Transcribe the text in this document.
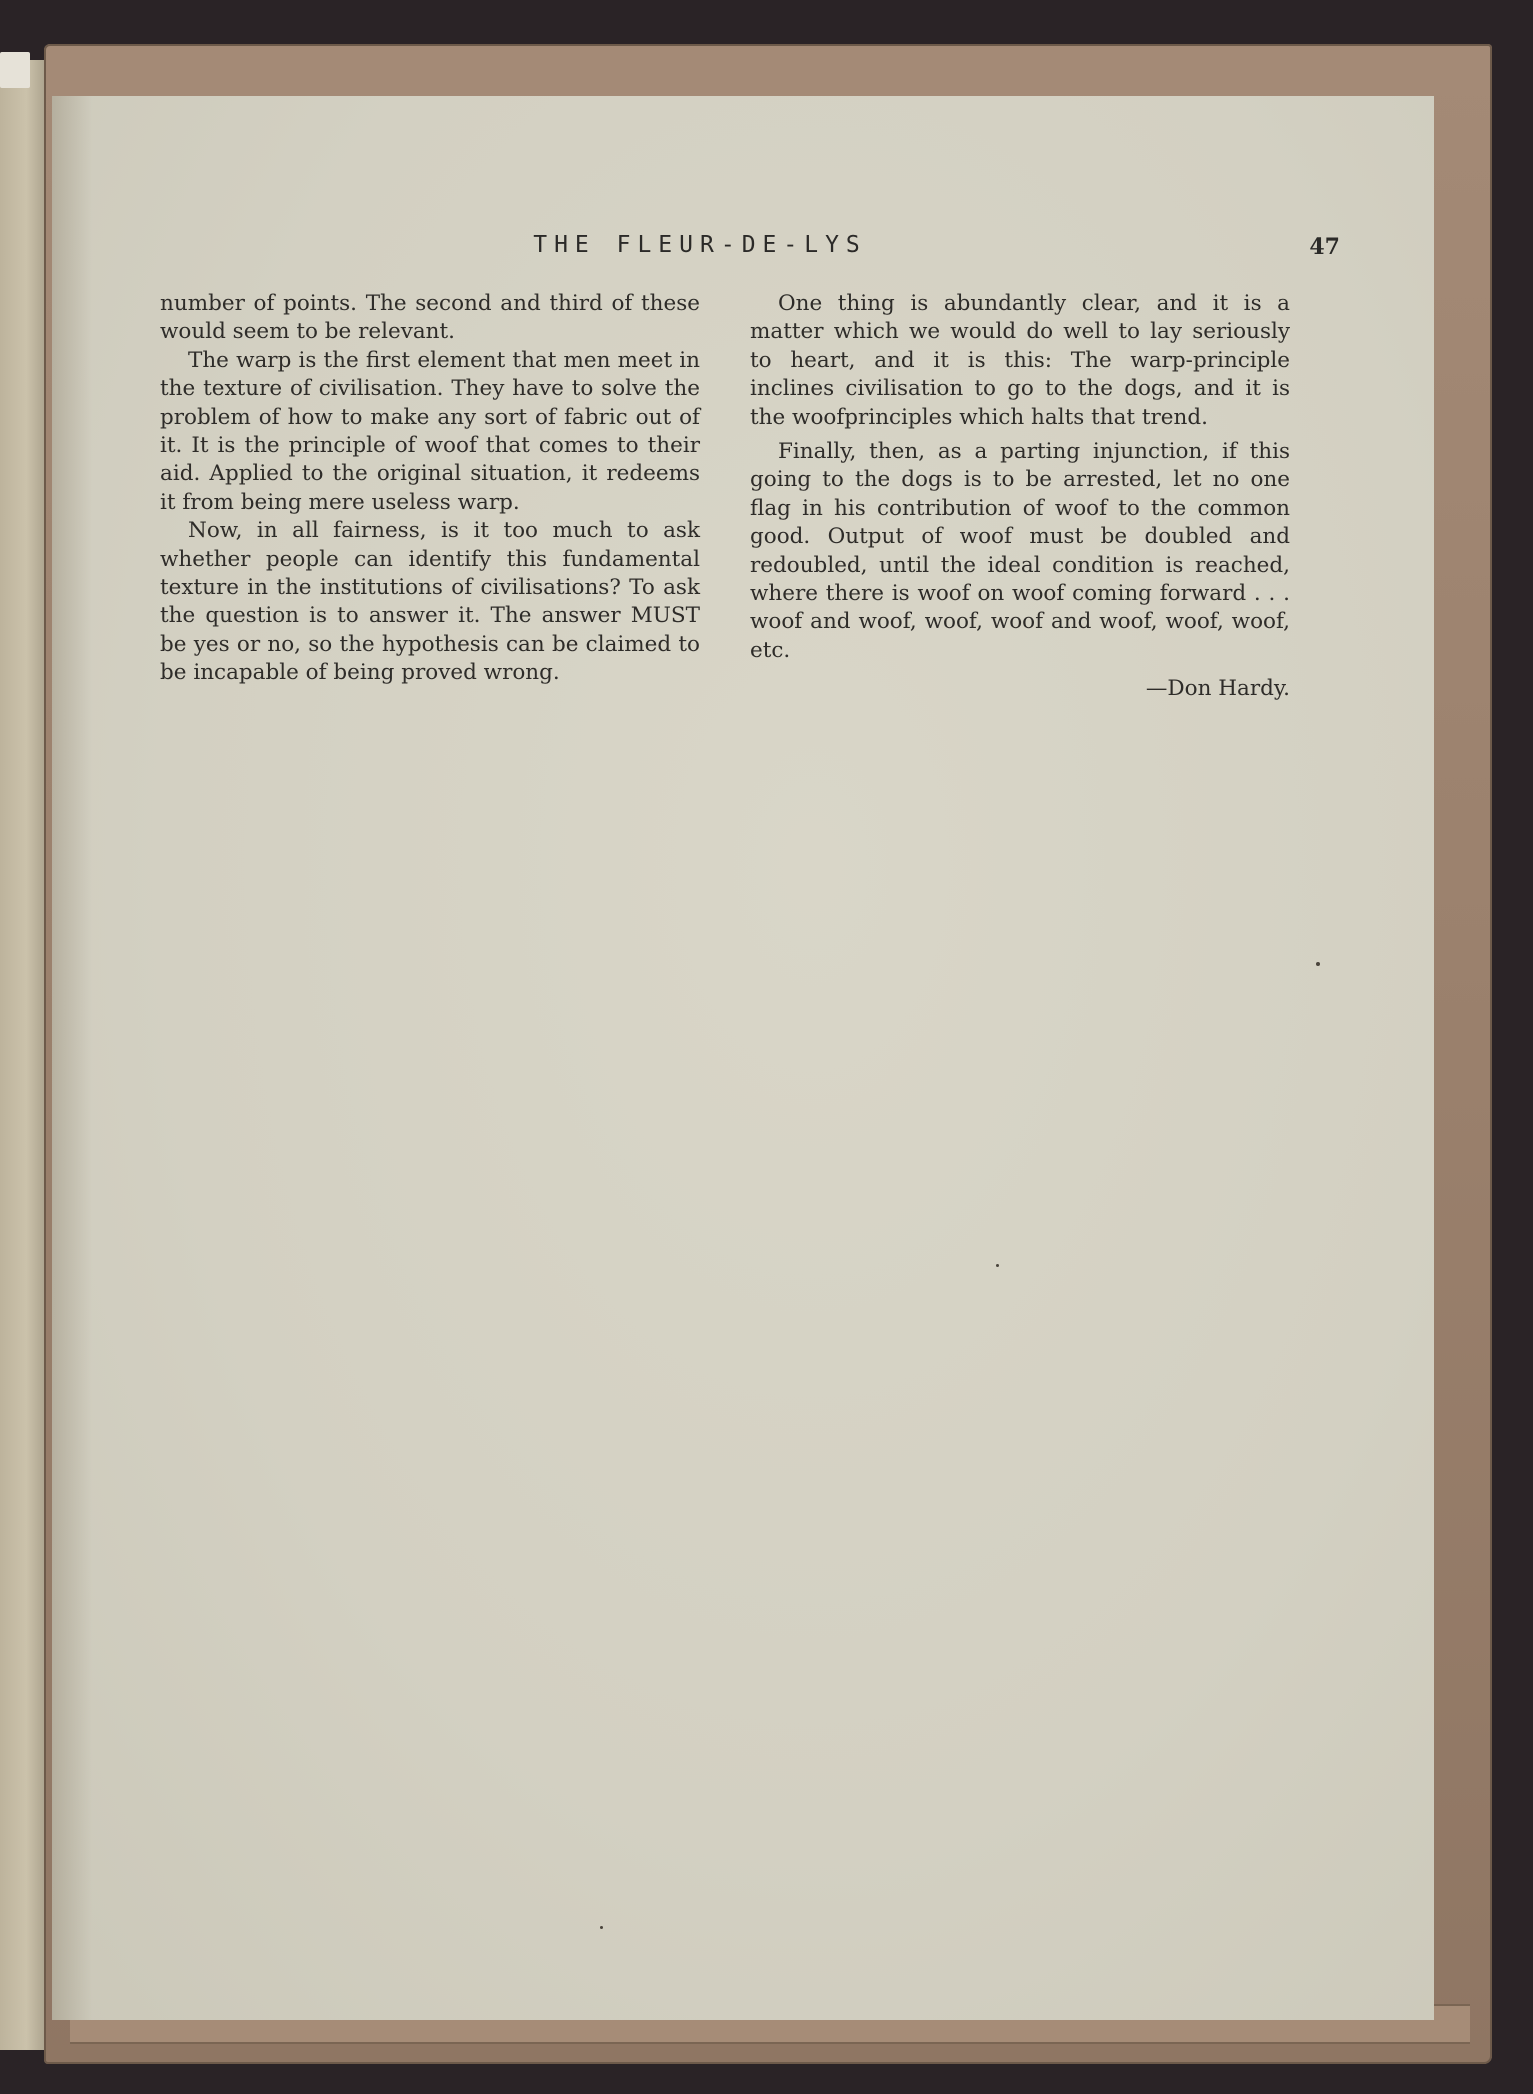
THE FLEUR-DE-LYS	47

number of points. The second and third of these would seem to be relevant.

The warp is the first element that men meet in the texture of civilisation. They have to solve the problem of how to make any sort of fabric out of it. It is the principle of woof that comes to their aid. Applied to the original situation, it redeems it from being mere useless warp.

Now, in all fairness, is it too much to ask whether people can identify this fundamental texture in the institutions of civilisations? To ask the question is to answer it. The answer MUST be yes or no, so the hypothesis can be claimed to be incapable of being proved wrong.

One thing is abundantly clear, and it is a matter which we would do well to lay seriously to heart, and it is this: The warp-principle inclines civilisation to go to the dogs, and it is the woofprinciples which halts that trend.

Finally, then, as a parting injunction, if this going to the dogs is to be arrested, let no one flag in his contribution of woof to the common good. Output of woof must be doubled and redoubled, until the ideal condition is reached, where there is woof on woof coming forward . . . woof and woof, woof, woof and woof, woof, woof, etc.

—Don Hardy.
